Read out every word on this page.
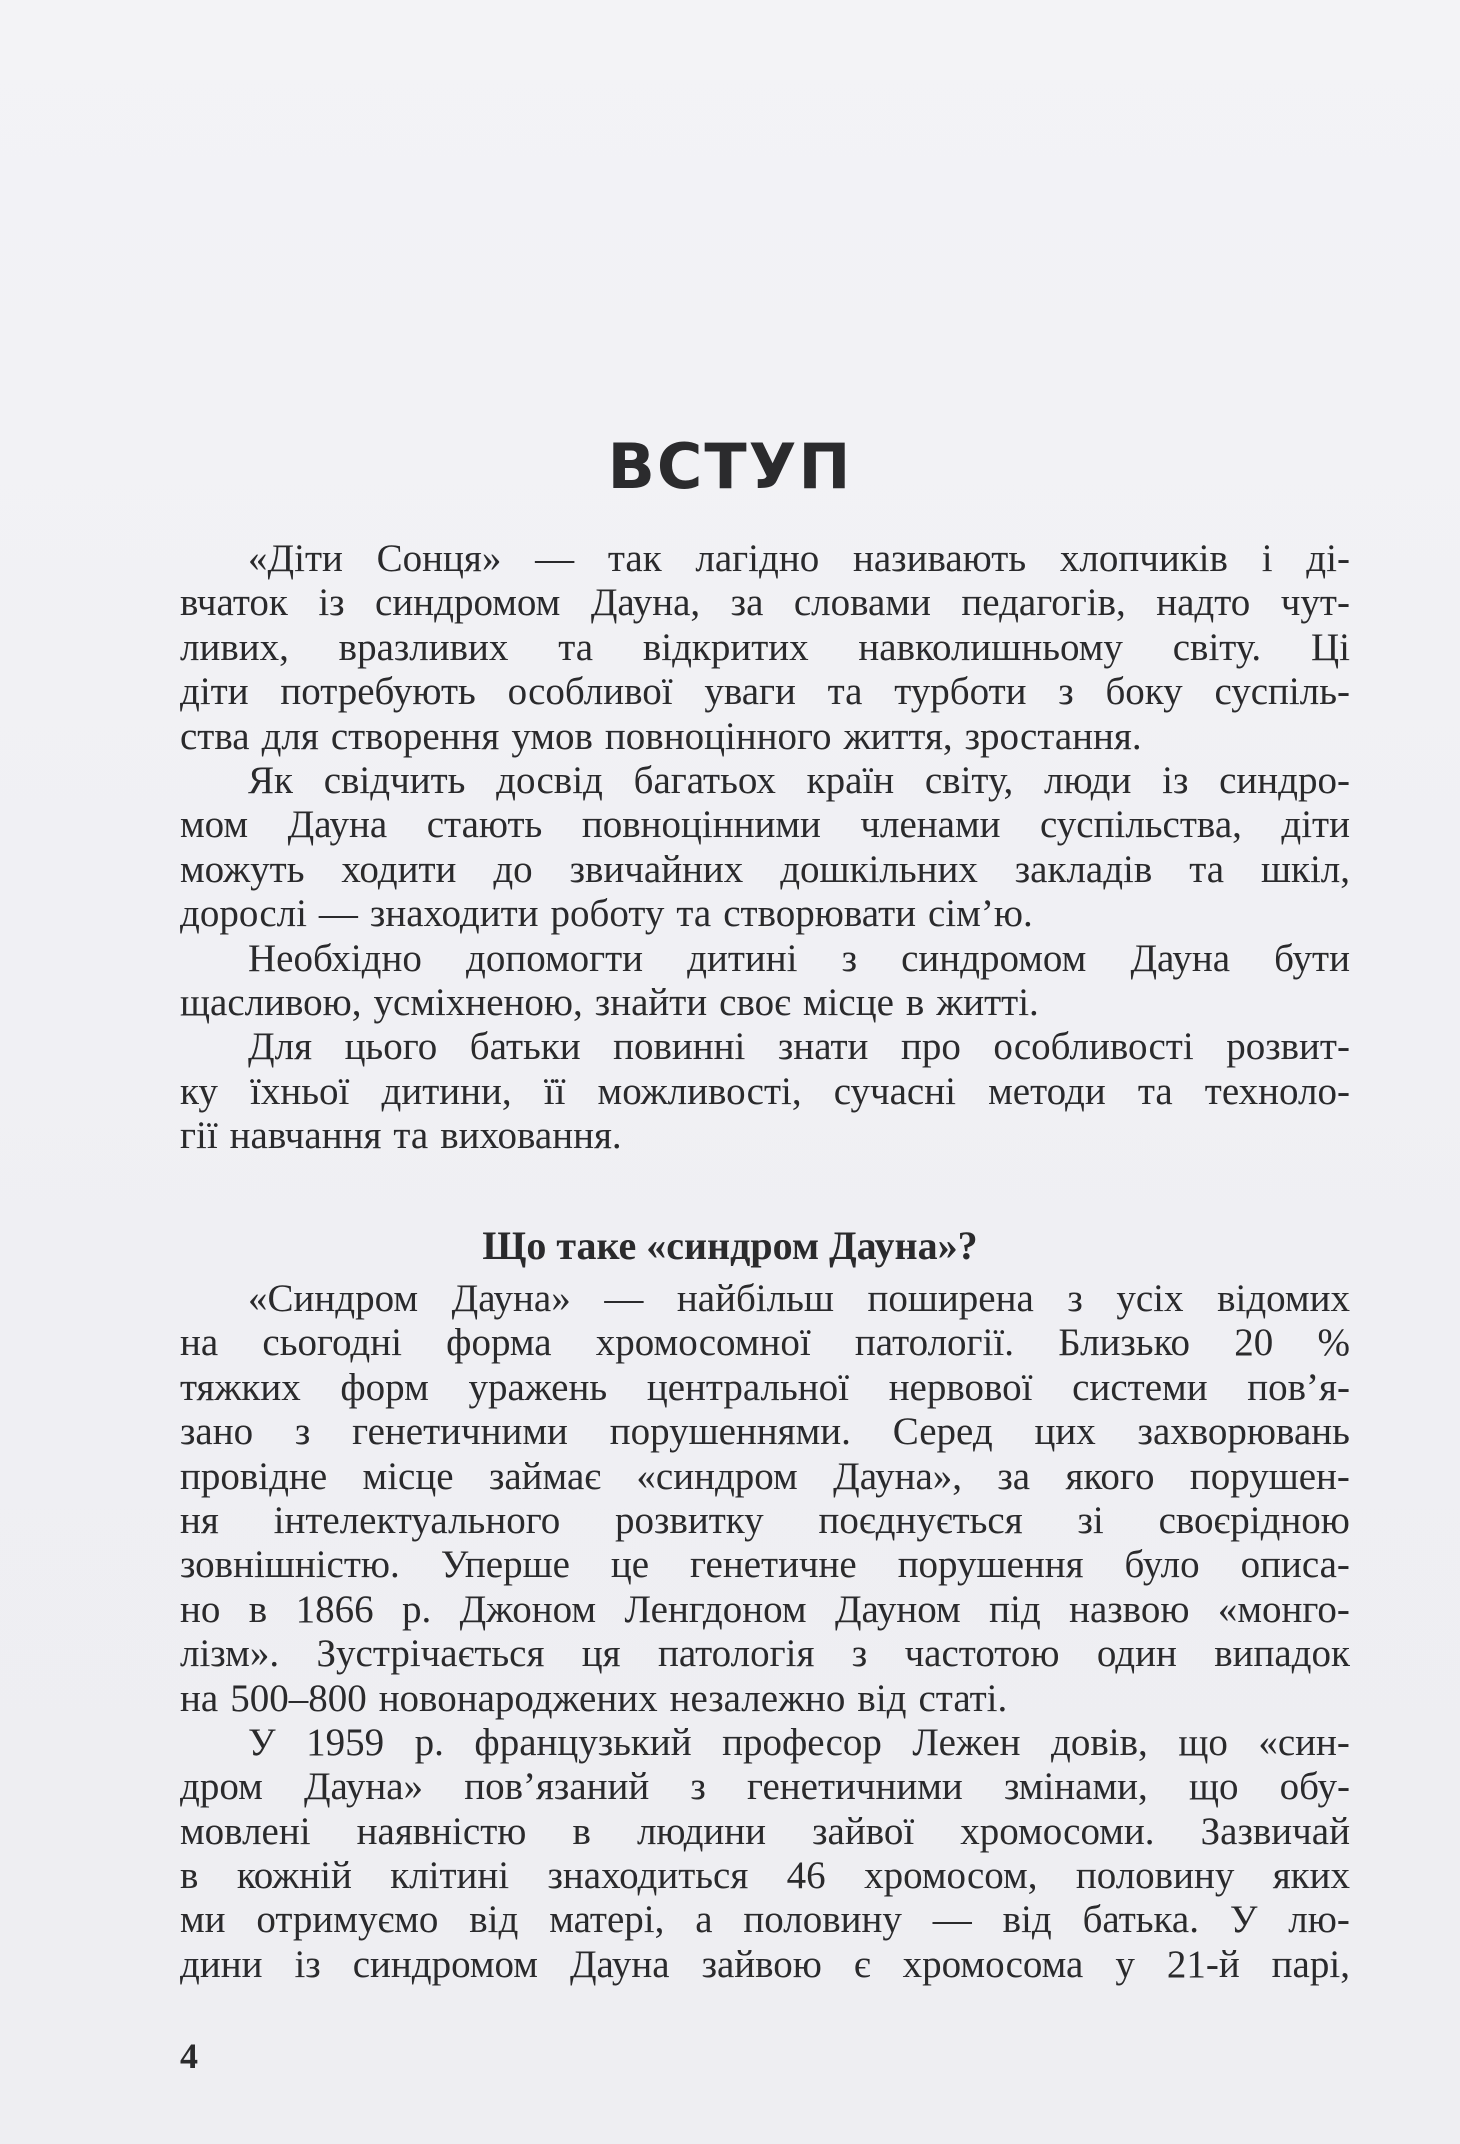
ВСТУП
«Діти Сонця» — так лагідно називають хлопчиків і ді-
вчаток із синдромом Дауна, за словами педагогів, надто чут-
ливих, вразливих та відкритих навколишньому світу. Ці
діти потребують особливої уваги та турботи з боку суспіль-
ства для створення умов повноцінного життя, зростання.
Як свідчить досвід багатьох країн світу, люди із синдро-
мом Дауна стають повноцінними членами суспільства, діти
можуть ходити до звичайних дошкільних закладів та шкіл,
дорослі — знаходити роботу та створювати сім’ю.
Необхідно допомогти дитині з синдромом Дауна бути
щасливою, усміхненою, знайти своє місце в житті.
Для цього батьки повинні знати про особливості розвит-
ку їхньої дитини, її можливості, сучасні методи та техноло-
гії навчання та виховання.
Що таке «синдром Дауна»?
«Синдром Дауна» — найбільш поширена з усіх відомих
на сьогодні форма хромосомної патології. Близько 20 %
тяжких форм уражень центральної нервової системи пов’я-
зано з генетичними порушеннями. Серед цих захворювань
провідне місце займає «синдром Дауна», за якого порушен-
ня інтелектуального розвитку поєднується зі своєрідною
зовнішністю. Уперше це генетичне порушення було описа-
но в 1866 р. Джоном Ленгдоном Дауном під назвою «монго-
лізм». Зустрічається ця патологія з частотою один випадок
на 500–800 новонароджених незалежно від статі.
У 1959 р. французький професор Лежен довів, що «син-
дром Дауна» пов’язаний з генетичними змінами, що обу-
мовлені наявністю в людини зайвої хромосоми. Зазвичай
в кожній клітині знаходиться 46 хромосом, половину яких
ми отримуємо від матері, а половину — від батька. У лю-
дини із синдромом Дауна зайвою є хромосома у 21-й парі,
4
